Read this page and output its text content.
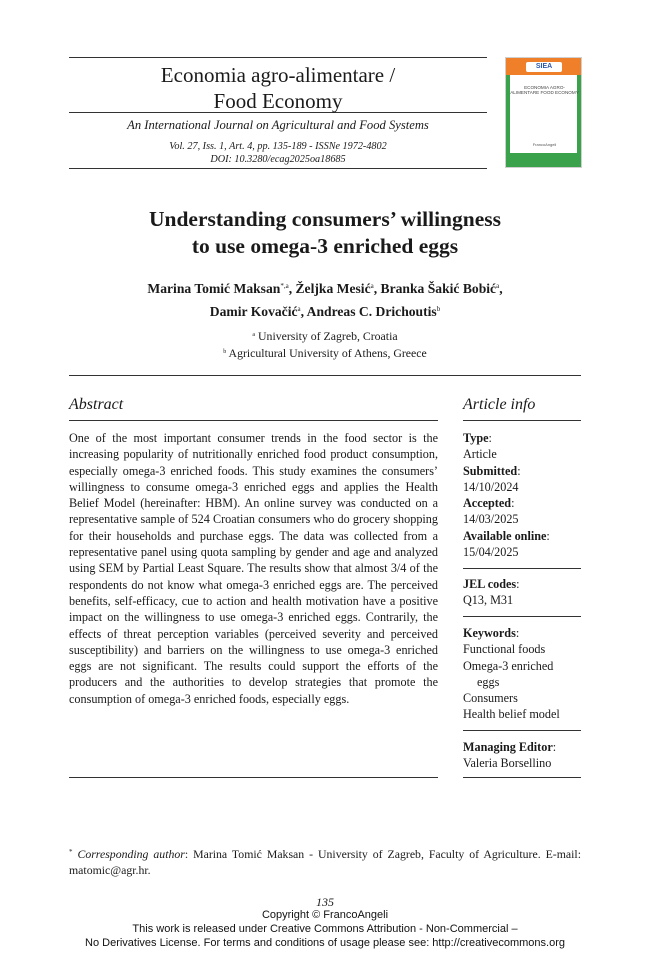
Economia agro-alimentare /
Food Economy
An International Journal on Agricultural and Food Systems
Vol. 27, Iss. 1, Art. 4, pp. 135-189 - ISSNe 1972-4802
DOI: 10.3280/ecag2025oa18685
SIEA
ECONOMIA AGRO-ALIMENTARE FOOD ECONOMY
FrancoAngeli
Understanding consumers’ willingness
to use omega-3 enriched eggs
Marina Tomić Maksan$^{*,a}$, Željka Mesić$^a$, Branka Šakić Bobić$^a$,
Damir Kovačić$^a$, Andreas C. Drichoutis$^b$
$^a$ University of Zagreb, Croatia
$^b$ Agricultural University of Athens, Greece
Abstract
One of the most important consumer trends in the food sector is the increasing popularity of nutritionally enriched food product consumption, especially omega-3 enriched foods. This study examines the consumers’ willingness to consume omega-3 enriched eggs and applies the Health Belief Model (hereinafter: HBM). An online survey was conducted on a representative sample of 524 Croatian consumers who do grocery shopping for their households and purchase eggs. The data was collected from a representative panel using quota sampling by gender and age and analyzed using SEM by Partial Least Square. The results show that almost 3/4 of the respondents do not know what omega-3 enriched eggs are. The perceived benefits, self-efficacy, cue to action and health motivation have a positive impact on the willingness to use omega-3 enriched eggs. Contrarily, the effects of threat perception variables (perceived severity and perceived susceptibility) and barriers on the willingness to use omega-3 enriched eggs are not significant. The results could support the efforts of the producers and the authorities to develop strategies that promote the consumption of omega-3 enriched foods, especially eggs.
Article info
Type:
Article
Submitted:
14/10/2024
Accepted:
14/03/2025
Available online:
15/04/2025
JEL codes:
Q13, M31
Keywords:
Functional foods
Omega-3 enriched
eggs
Consumers
Health belief model
Managing Editor:
Valeria Borsellino
* Corresponding author: Marina Tomić Maksan - University of Zagreb, Faculty of Agriculture. E-mail: matomic@agr.hr.
135
Copyright © FrancoAngeli
This work is released under Creative Commons Attribution - Non-Commercial –
No Derivatives License. For terms and conditions of usage please see: http://creativecommons.org
